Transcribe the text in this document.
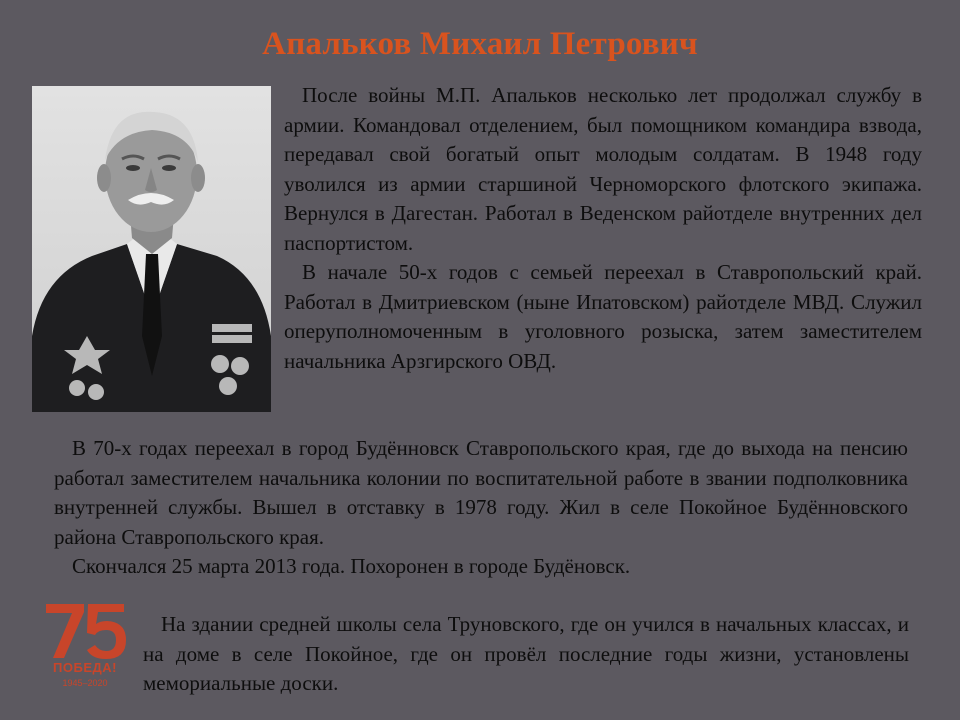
Апальков Михаил Петрович

После войны М.П. Апальков несколько лет продолжал службу в армии. Командовал отделением, был помощником командира взвода, передавал свой богатый опыт молодым солдатам. В 1948 году уволился из армии старшиной Черноморского флотского экипажа. Вернулся в Дагестан. Работал в Веденском райотделе внутренних дел паспортистом.

В начале 50-х годов с семьей переехал в Ставропольский край. Работал в Дмитриевском (ныне Ипатовском) райотделе МВД. Служил оперуполномоченным в уголовного розыска, затем заместителем начальника Арзгирского ОВД.

В 70-х годах переехал в город Будённовск Ставропольского края, где до выхода на пенсию работал заместителем начальника колонии по воспитательной работе в звании подполковника внутренней службы. Вышел в отставку в 1978 году. Жил в селе Покойное Будённовского района Ставропольского края.

Скончался 25 марта 2013 года. Похоронен в городе Будёновск.

На здании средней школы села Труновского, где он учился в начальных классах, и на доме в селе Покойное, где он провёл последние годы жизни, установлены мемориальные доски.

ПОБЕДА!
1945–2020
